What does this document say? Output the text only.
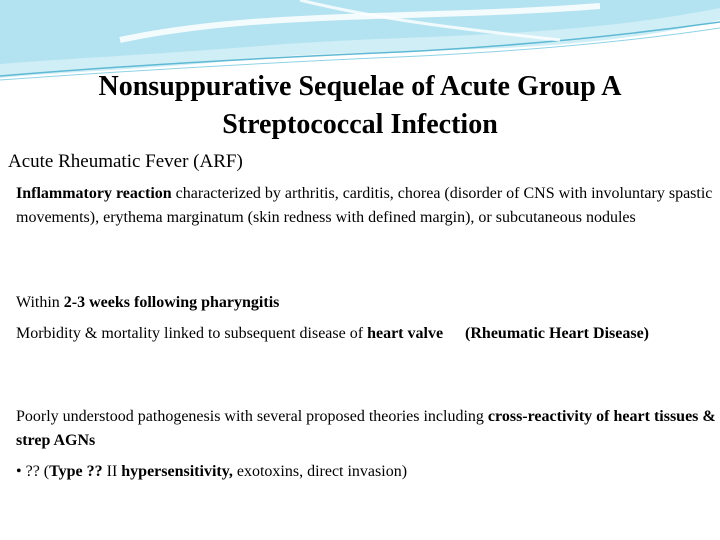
Nonsuppurative Sequelae of Acute Group A
Streptococcal Infection
Acute Rheumatic Fever (ARF)
Inflammatory reaction characterized by arthritis, carditis, chorea (disorder of CNS with involuntary spastic movements), erythema marginatum (skin redness with defined margin), or subcutaneous nodules
Within 2-3 weeks following pharyngitis
Morbidity & mortality linked to subsequent disease of heart valve (Rheumatic Heart Disease)
Poorly understood pathogenesis with several proposed theories including cross-reactivity of heart tissues & strep AGNs
• ?? (Type ?? II hypersensitivity, exotoxins, direct invasion)
